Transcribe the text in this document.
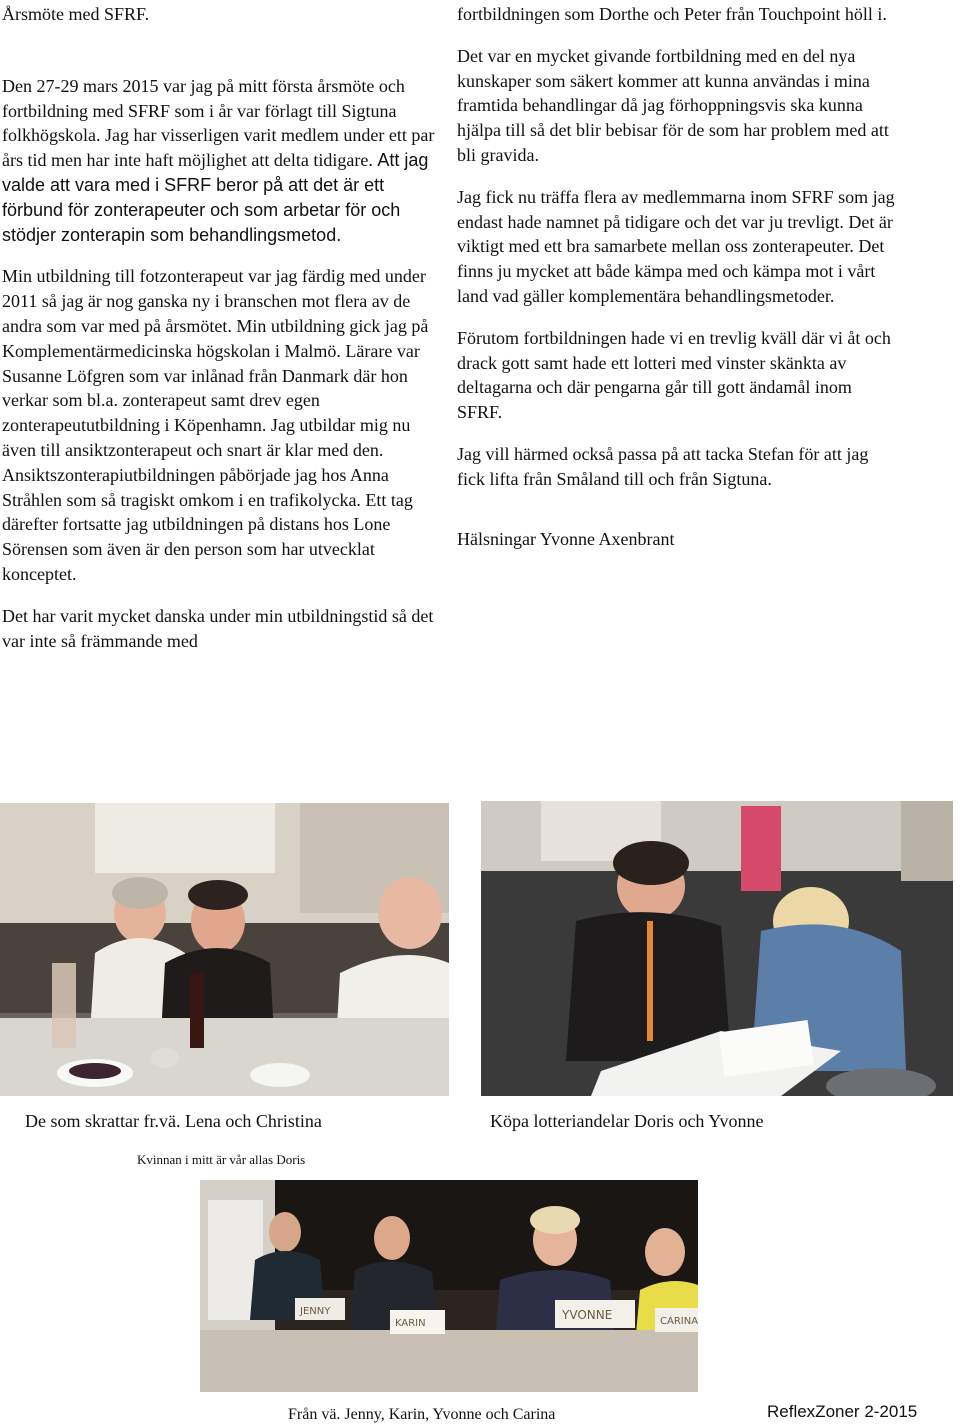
Årsmöte med SFRF.

Den 27-29 mars 2015 var jag på mitt första årsmöte och fortbildning med SFRF som i år var förlagt till Sigtuna folkhögskola. Jag har visserligen varit medlem under ett par års tid men har inte haft möjlighet att delta tidigare. Att jag valde att vara med i SFRF beror på att det är ett förbund för zonterapeuter och som arbetar för och stödjer zonterapin som behandlingsmetod.

Min utbildning till fotzonterapeut var jag färdig med under 2011 så jag är nog ganska ny i branschen mot flera av de andra som var med på årsmötet. Min utbildning gick jag på Komplementärmedicinska högskolan i Malmö. Lärare var Susanne Löfgren som var inlånad från Danmark där hon verkar som bl.a. zonterapeut samt drev egen zonterapeututbildning i Köpenhamn. Jag utbildar mig nu även till ansiktzonterapeut och snart är klar med den. Ansiktszonterapiutbildningen påbörjade jag hos Anna Stråhlen som så tragiskt omkom i en trafikolycka. Ett tag därefter fortsatte jag utbildningen på distans hos Lone Sörensen som även är den person som har utvecklat konceptet.

Det har varit mycket danska under min utbildningstid så det var inte så främmande med

fortbildningen som Dorthe och Peter från Touchpoint höll i.

Det var en mycket givande fortbildning med en del nya kunskaper som säkert kommer att kunna användas i mina framtida behandlingar då jag förhoppningsvis ska kunna hjälpa till så det blir bebisar för de som har problem med att bli gravida.

Jag fick nu träffa flera av medlemmarna inom SFRF som jag endast hade namnet på tidigare och det var ju trevligt. Det är viktigt med ett bra samarbete mellan oss zonterapeuter. Det finns ju mycket att både kämpa med och kämpa mot i vårt land vad gäller komplementära behandlingsmetoder.

Förutom fortbildningen hade vi en trevlig kväll där vi åt och drack gott samt hade ett lotteri med vinster skänkta av deltagarna och där pengarna går till gott ändamål inom SFRF.

Jag vill härmed också passa på att tacka Stefan för att jag fick lifta från Småland till och från Sigtuna.

Hälsningar Yvonne Axenbrant

De som skrattar fr.vä. Lena och Christina	Köpa lotteriandelar Doris och Yvonne
Kvinnan i mitt är vår allas Doris
JENNY
KARIN
YVONNE	CARINA
Från vä. Jenny, Karin, Yvonne och Carina	ReflexZoner 2-2015
